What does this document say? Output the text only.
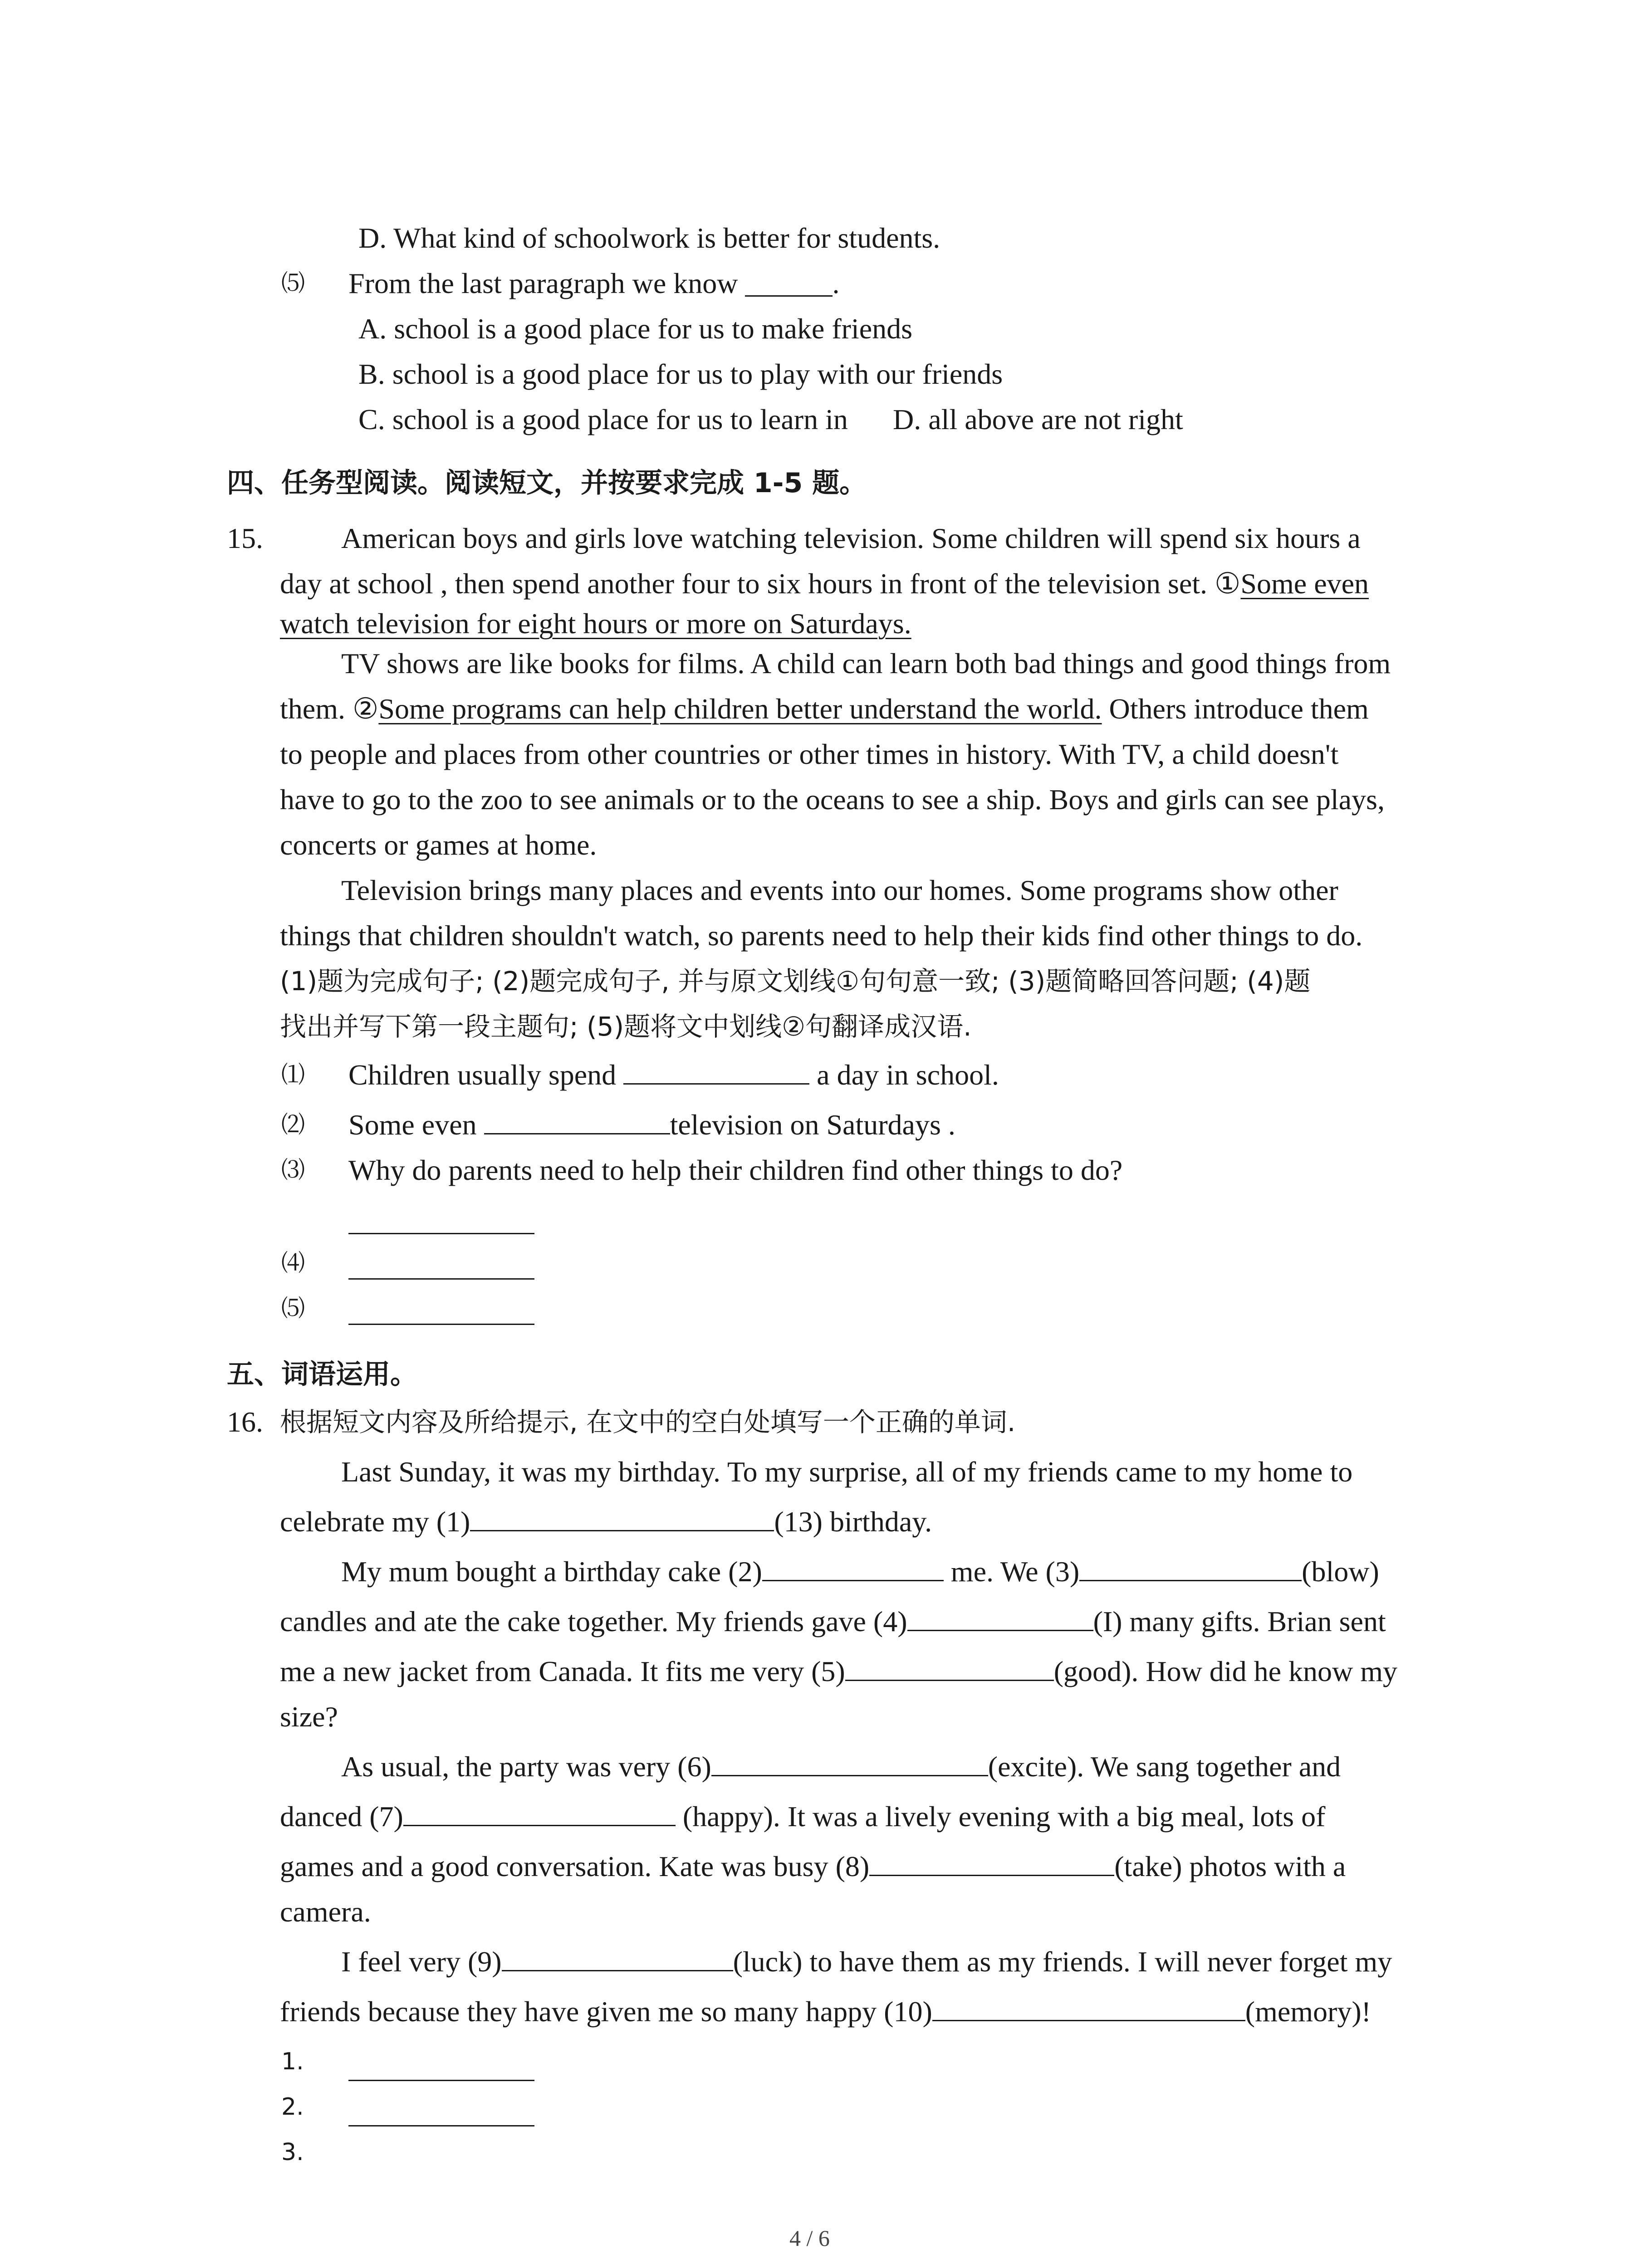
D. What kind of schoolwork is better for students.
⑸ From the last paragraph we know ______.
A. school is a good place for us to make friends
B. school is a good place for us to play with our friends
C. school is a good place for us to learn in D. all above are not right
四、任务型阅读。阅读短文，并按要求完成 1-5 题。
15.	American boys and girls love watching television. Some children will spend six hours a
day at school , then spend another four to six hours in front of the television set. ①Some even
watch television for eight hours or more on Saturdays.
TV shows are like books for films. A child can learn both bad things and good things from
them. ②Some programs can help children better understand the world. Others introduce them
to people and places from other countries or other times in history. With TV, a child doesn't
have to go to the zoo to see animals or to the oceans to see a ship. Boys and girls can see plays,
concerts or games at home.
Television brings many places and events into our homes. Some programs show other
things that children shouldn't watch, so parents need to help their kids find other things to do.
(1)题为完成句子; (2)题完成句子, 并与原文划线①句句意一致; (3)题简略回答问题; (4)题
找出并写下第一段主题句; (5)题将文中划线②句翻译成汉语.
⑴ Children usually spend	a day in school.
⑵ Some even	television on Saturdays .
⑶ Why do parents need to help their children find other things to do?
⑷
⑸
五、词语运用。
16. 根据短文内容及所给提示, 在文中的空白处填写一个正确的单词.
Last Sunday, it was my birthday. To my surprise, all of my friends came to my home to
celebrate my (1)	(13) birthday.
My mum bought a birthday cake (2)	me. We (3)	(blow)
candles and ate the cake together. My friends gave (4)	(I) many gifts. Brian sent
me a new jacket from Canada. It fits me very (5)	(good). How did he know my
size?
As usual, the party was very (6)	(excite). We sang together and
danced (7)	(happy). It was a lively evening with a big meal, lots of
games and a good conversation. Kate was busy (8)	(take) photos with a
camera.
I feel very (9)	(luck) to have them as my friends. I will never forget my
friends because they have given me so many happy (10)	(memory)!
1.
2.
3.
4 / 6
